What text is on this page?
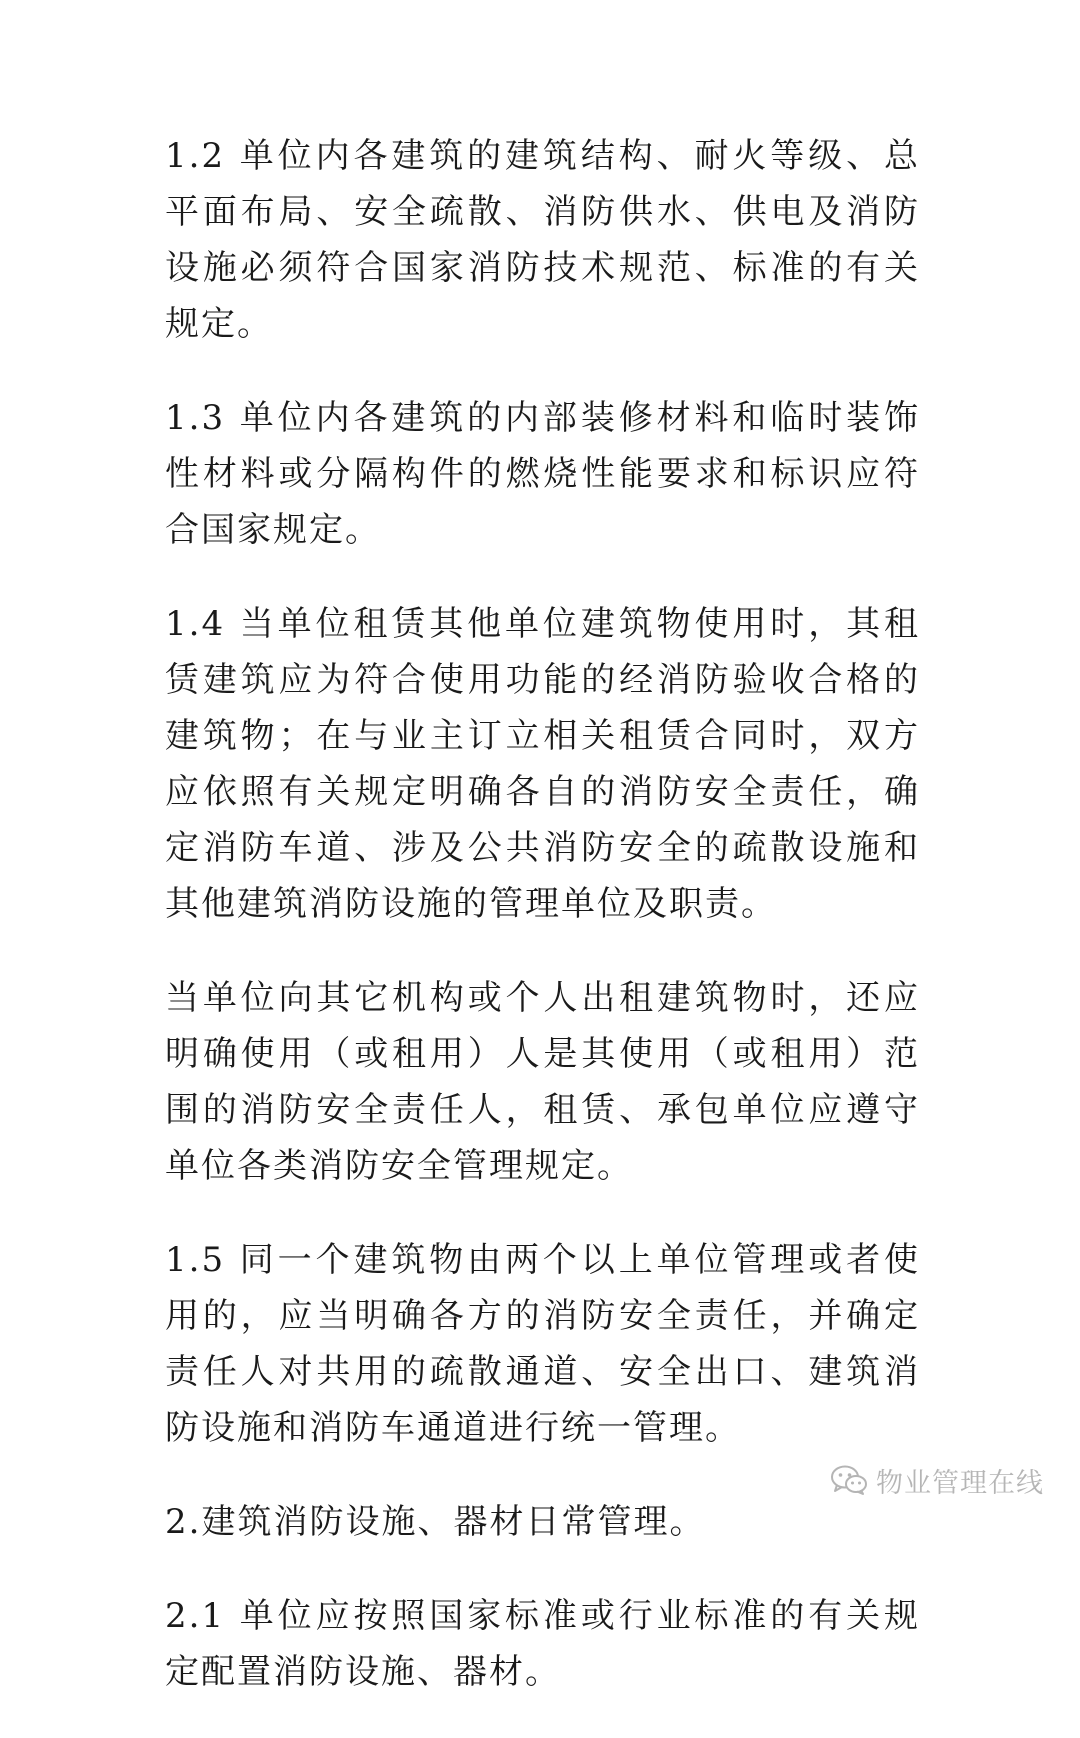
1.2 单位内各建筑的建筑结构、耐火等级、总平面布局、安全疏散、消防供水、供电及消防设施必须符合国家消防技术规范、标准的有关规定。

1.3 单位内各建筑的内部装修材料和临时装饰性材料或分隔构件的燃烧性能要求和标识应符合国家规定。

1.4 当单位租赁其他单位建筑物使用时，其租赁建筑应为符合使用功能的经消防验收合格的建筑物；在与业主订立相关租赁合同时，双方应依照有关规定明确各自的消防安全责任，确定消防车道、涉及公共消防安全的疏散设施和其他建筑消防设施的管理单位及职责。

当单位向其它机构或个人出租建筑物时，还应明确使用（或租用）人是其使用（或租用）范围的消防安全责任人，租赁、承包单位应遵守单位各类消防安全管理规定。

1.5 同一个建筑物由两个以上单位管理或者使用的，应当明确各方的消防安全责任，并确定责任人对共用的疏散通道、安全出口、建筑消防设施和消防车通道进行统一管理。

2.建筑消防设施、器材日常管理。

2.1 单位应按照国家标准或行业标准的有关规定配置消防设施、器材。

物业管理在线
